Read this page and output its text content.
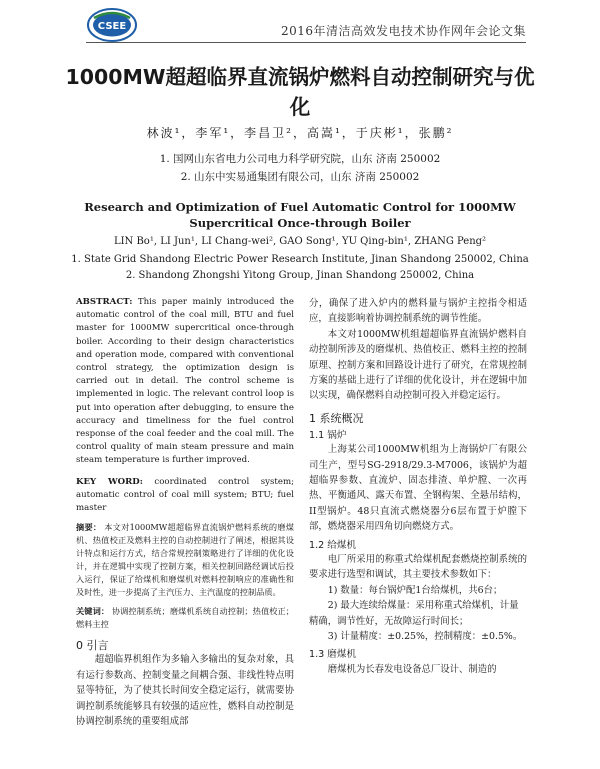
CSEE	2016年清洁高效发电技术协作网年会论文集
1000MW超超临界直流锅炉燃料自动控制研究与优化
林波¹，李军¹，李昌卫²，高嵩¹，于庆彬¹，张鹏²
1. 国网山东省电力公司电力科学研究院，山东 济南 250002
2. 山东中实易通集团有限公司，山东 济南 250002
Research and Optimization of Fuel Automatic Control for 1000MW Supercritical Once-through Boiler
LIN Bo¹, LI Jun¹, LI Chang-wei², GAO Song¹, YU Qing-bin¹, ZHANG Peng²
1. State Grid Shandong Electric Power Research Institute, Jinan Shandong 250002, China
2. Shandong Zhongshi Yitong Group, Jinan Shandong 250002, China
ABSTRACT: This paper mainly introduced the automatic control of the coal mill, BTU and fuel master for 1000MW supercritical once-through boiler. According to their design characteristics and operation mode, compared with conventional control strategy, the optimization design is carried out in detail. The control scheme is implemented in logic. The relevant control loop is put into operation after debugging, to ensure the accuracy and timeliness for the fuel control response of the coal feeder and the coal mill. The control quality of main steam pressure and main steam temperature is further improved.
KEY WORD: coordinated control system; automatic control of coal mill system; BTU; fuel master
摘要： 本文对1000MW超超临界直流锅炉燃料系统的磨煤机、热值校正及燃料主控的自动控制进行了阐述，根据其设计特点和运行方式，结合常规控制策略进行了详细的优化设计，并在逻辑中实现了控制方案，相关控制回路经调试后投入运行，保证了给煤机和磨煤机对燃料控制响应的准确性和及时性，进一步提高了主汽压力、主汽温度的控制品质。
关键词： 协调控制系统；磨煤机系统自动控制；热值校正；燃料主控
0 引言

超超临界机组作为多输入多输出的复杂对象，具有运行参数高、控制变量之间耦合强、非线性特点明显等特征，为了使其长时间安全稳定运行，就需要协调控制系统能够具有较强的适应性，燃料自动控制是协调控制系统的重要组成部

分，确保了进入炉内的燃料量与锅炉主控指令相适应，直接影响着协调控制系统的调节性能。

本文对1000MW机组超超临界直流锅炉燃料自动控制所涉及的磨煤机、热值校正、燃料主控的控制原理、控制方案和回路设计进行了研究，在常规控制方案的基础上进行了详细的优化设计，并在逻辑中加以实现，确保燃料自动控制可投入并稳定运行。

1 系统概况
1.1 锅炉

上海某公司1000MW机组为上海锅炉厂有限公司生产，型号SG-2918/29.3-M7006，该锅炉为超超临界参数、直流炉、固态排渣、单炉膛、一次再热、平衡通风、露天布置、全钢构架、全悬吊结构，II型锅炉。48只直流式燃烧器分6层布置于炉膛下部，燃烧器采用四角切向燃烧方式。

1.2 给煤机

电厂所采用的称重式给煤机配套燃烧控制系统的要求进行选型和调试，其主要技术参数如下：

1) 数量：每台锅炉配1台给煤机，共6台；

2) 最大连续给煤量：采用称重式给煤机，计量精确，调节性好，无故障运行时间长；

3) 计量精度：±0.25%，控制精度：±0.5%。

1.3 磨煤机

磨煤机为长春发电设备总厂设计、制造的
